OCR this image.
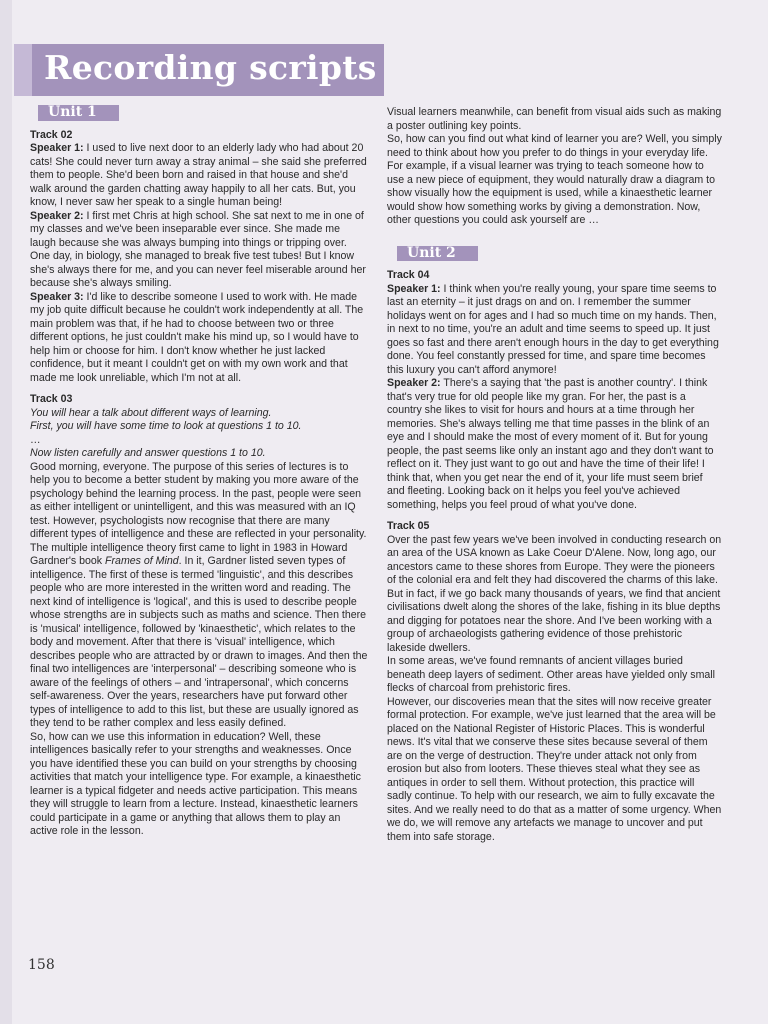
Recording scripts
Unit 1

Track 02

Speaker 1: I used to live next door to an elderly lady who had about 20 cats! She could never turn away a stray animal – she said she preferred them to people. She'd been born and raised in that house and she'd walk around the garden chatting away happily to all her cats. But, you know, I never saw her speak to a single human being!

Speaker 2: I first met Chris at high school. She sat next to me in one of my classes and we've been inseparable ever since. She made me laugh because she was always bumping into things or tripping over. One day, in biology, she managed to break five test tubes! But I know she's always there for me, and you can never feel miserable around her because she's always smiling.

Speaker 3: I'd like to describe someone I used to work with. He made my job quite difficult because he couldn't work independently at all. The main problem was that, if he had to choose between two or three different options, he just couldn't make his mind up, so I would have to help him or choose for him. I don't know whether he just lacked confidence, but it meant I couldn't get on with my own work and that made me look unreliable, which I'm not at all.

Track 03

You will hear a talk about different ways of learning.

First, you will have some time to look at questions 1 to 10.

…

Now listen carefully and answer questions 1 to 10.

Good morning, everyone. The purpose of this series of lectures is to help you to become a better student by making you more aware of the psychology behind the learning process. In the past, people were seen as either intelligent or unintelligent, and this was measured with an IQ test. However, psychologists now recognise that there are many different types of intelligence and these are reflected in your personality. The multiple intelligence theory first came to light in 1983 in Howard Gardner's book Frames of Mind. In it, Gardner listed seven types of intelligence. The first of these is termed 'linguistic', and this describes people who are more interested in the written word and reading. The next kind of intelligence is 'logical', and this is used to describe people whose strengths are in subjects such as maths and science. Then there is 'musical' intelligence, followed by 'kinaesthetic', which relates to the body and movement. After that there is 'visual' intelligence, which describes people who are attracted by or drawn to images. And then the final two intelligences are 'interpersonal' – describing someone who is aware of the feelings of others – and 'intrapersonal', which concerns self-awareness. Over the years, researchers have put forward other types of intelligence to add to this list, but these are usually ignored as they tend to be rather complex and less easily defined.

So, how can we use this information in education? Well, these intelligences basically refer to your strengths and weaknesses. Once you have identified these you can build on your strengths by choosing activities that match your intelligence type. For example, a kinaesthetic learner is a typical fidgeter and needs active participation. This means they will struggle to learn from a lecture. Instead, kinaesthetic learners could participate in a game or anything that allows them to play an active role in the lesson.

Visual learners meanwhile, can benefit from visual aids such as making a poster outlining key points.

So, how can you find out what kind of learner you are? Well, you simply need to think about how you prefer to do things in your everyday life. For example, if a visual learner was trying to teach someone how to use a new piece of equipment, they would naturally draw a diagram to show visually how the equipment is used, while a kinaesthetic learner would show how something works by giving a demonstration. Now, other questions you could ask yourself are …

Unit 2

Track 04

Speaker 1: I think when you're really young, your spare time seems to last an eternity – it just drags on and on. I remember the summer holidays went on for ages and I had so much time on my hands. Then, in next to no time, you're an adult and time seems to speed up. It just goes so fast and there aren't enough hours in the day to get everything done. You feel constantly pressed for time, and spare time becomes this luxury you can't afford anymore!

Speaker 2: There's a saying that 'the past is another country'. I think that's very true for old people like my gran. For her, the past is a country she likes to visit for hours and hours at a time through her memories. She's always telling me that time passes in the blink of an eye and I should make the most of every moment of it. But for young people, the past seems like only an instant ago and they don't want to reflect on it. They just want to go out and have the time of their life! I think that, when you get near the end of it, your life must seem brief and fleeting. Looking back on it helps you feel you've achieved something, helps you feel proud of what you've done.

Track 05

Over the past few years we've been involved in conducting research on an area of the USA known as Lake Coeur D'Alene. Now, long ago, our ancestors came to these shores from Europe. They were the pioneers of the colonial era and felt they had discovered the charms of this lake.

But in fact, if we go back many thousands of years, we find that ancient civilisations dwelt along the shores of the lake, fishing in its blue depths and digging for potatoes near the shore. And I've been working with a group of archaeologists gathering evidence of those prehistoric lakeside dwellers.

In some areas, we've found remnants of ancient villages buried beneath deep layers of sediment. Other areas have yielded only small flecks of charcoal from prehistoric fires.

However, our discoveries mean that the sites will now receive greater formal protection. For example, we've just learned that the area will be placed on the National Register of Historic Places. This is wonderful news. It's vital that we conserve these sites because several of them are on the verge of destruction. They're under attack not only from erosion but also from looters. These thieves steal what they see as antiques in order to sell them. Without protection, this practice will sadly continue. To help with our research, we aim to fully excavate the sites. And we really need to do that as a matter of some urgency. When we do, we will remove any artefacts we manage to uncover and put them into safe storage.

158
